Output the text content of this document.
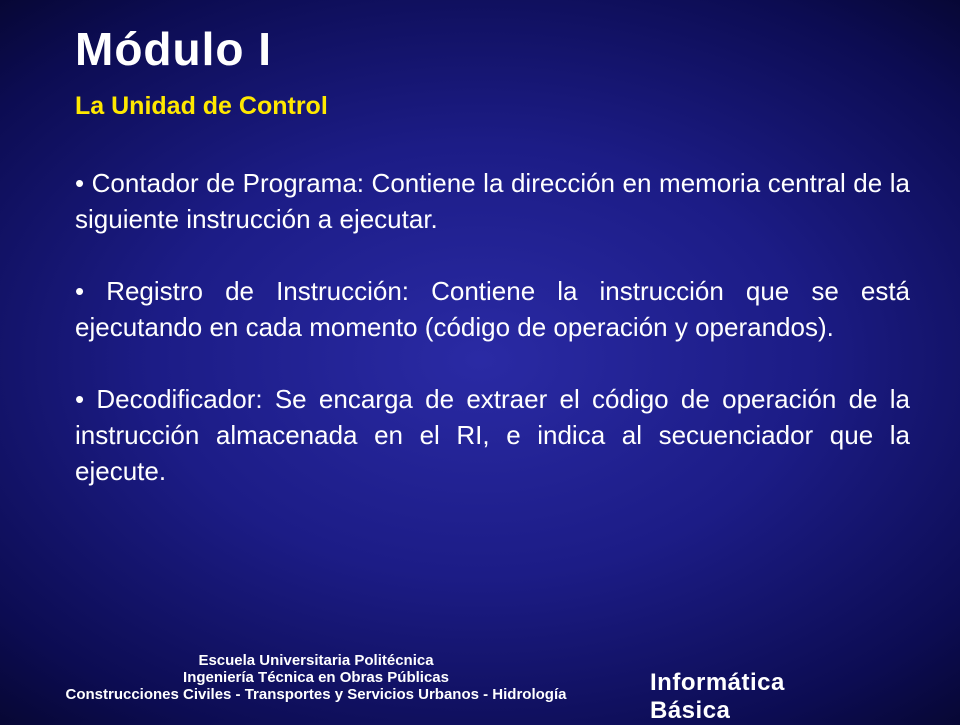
Módulo I
La Unidad de Control
• Contador de Programa: Contiene la dirección en memoria central de la siguiente instrucción a ejecutar.
• Registro de Instrucción: Contiene la instrucción que se está ejecutando en cada momento (código de operación y operandos).
• Decodificador: Se encarga de extraer el código de operación de la instrucción almacenada en el RI, e indica al secuenciador que la ejecute.
Escuela Universitaria Politécnica
Ingeniería Técnica en Obras Públicas
Construcciones Civiles - Transportes y Servicios Urbanos - Hidrología	Informática
Básica
